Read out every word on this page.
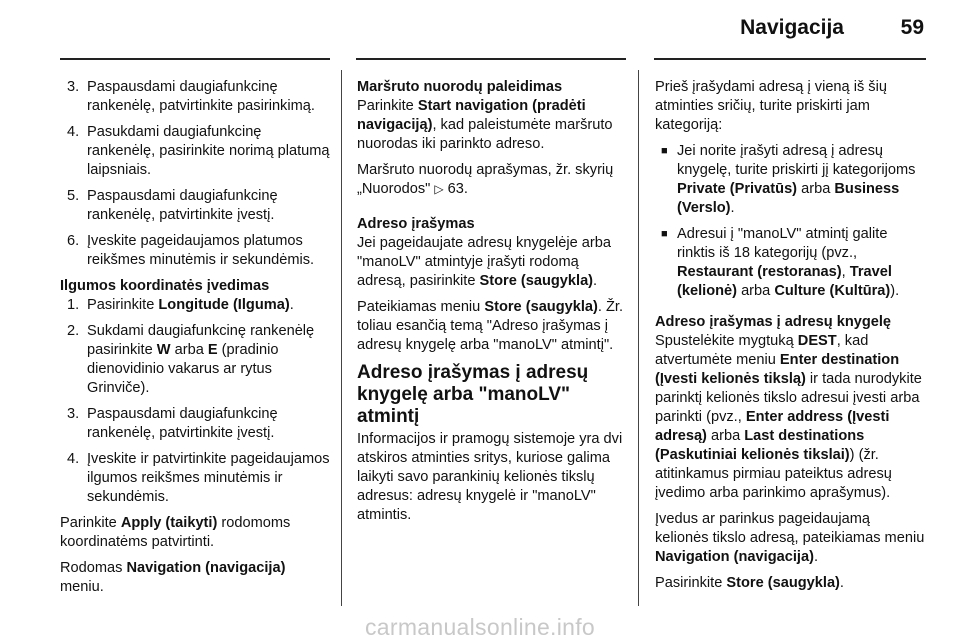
Navigacija	59
3. Paspausdami daugiafunkcinę rankenėlę, patvirtinkite pasirinkimą.
4. Pasukdami daugiafunkcinę rankenėlę, pasirinkite norimą platumą laipsniais.
5. Paspausdami daugiafunkcinę rankenėlę, patvirtinkite įvestį.
6. Įveskite pageidaujamos platumos reikšmes minutėmis ir sekundėmis.
Ilgumos koordinatės įvedimas
1. Pasirinkite Longitude (Ilguma).
2. Sukdami daugiafunkcinę rankenėlę pasirinkite W arba E (pradinio dienovidinio vakarus ar rytus Grinviče).
3. Paspausdami daugiafunkcinę rankenėlę, patvirtinkite įvestį.
4. Įveskite ir patvirtinkite pageidaujamos ilgumos reikšmes minutėmis ir sekundėmis.

Parinkite Apply (taikyti) rodomoms koordinatėms patvirtinti.

Rodomas Navigation (navigacija) meniu.

Maršruto nuorodų paleidimas

Parinkite Start navigation (pradėti navigaciją), kad paleistumėte maršruto nuorodas iki parinkto adreso.

Maršruto nuorodų aprašymas, žr. skyrių „Nuorodos" ▷ 63.

Adreso įrašymas

Jei pageidaujate adresų knygelėje arba "manoLV" atmintyje įrašyti rodomą adresą, pasirinkite Store (saugykla).

Pateikiamas meniu Store (saugykla). Žr. toliau esančią temą "Adreso įrašymas į adresų knygelę arba "manoLV" atmintį".

Adreso įrašymas į adresų knygelę arba "manoLV" atmintį

Informacijos ir pramogų sistemoje yra dvi atskiros atminties sritys, kuriose galima laikyti savo parankinių kelionės tikslų adresus: adresų knygelė ir "manoLV" atmintis.

Prieš įrašydami adresą į vieną iš šių atminties sričių, turite priskirti jam kategoriją:

■ Jei norite įrašyti adresą į adresų knygelę, turite priskirti jį kategorijoms Private (Privatūs) arba Business (Verslo).
■ Adresui į "manoLV" atmintį galite rinktis iš 18 kategorijų (pvz., Restaurant (restoranas), Travel (kelionė) arba Culture (Kultūra)).
Adreso įrašymas į adresų knygelę

Spustelėkite mygtuką DEST, kad atvertumėte meniu Enter destination (Įvesti kelionės tikslą) ir tada nurodykite parinktį kelionės tikslo adresui įvesti arba parinkti (pvz., Enter address (Įvesti adresą) arba Last destinations (Paskutiniai kelionės tikslai)) (žr. atitinkamus pirmiau pateiktus adresų įvedimo arba parinkimo aprašymus).

Įvedus ar parinkus pageidaujamą kelionės tikslo adresą, pateikiamas meniu Navigation (navigacija).

Pasirinkite Store (saugykla).

carmanualsonline.info
